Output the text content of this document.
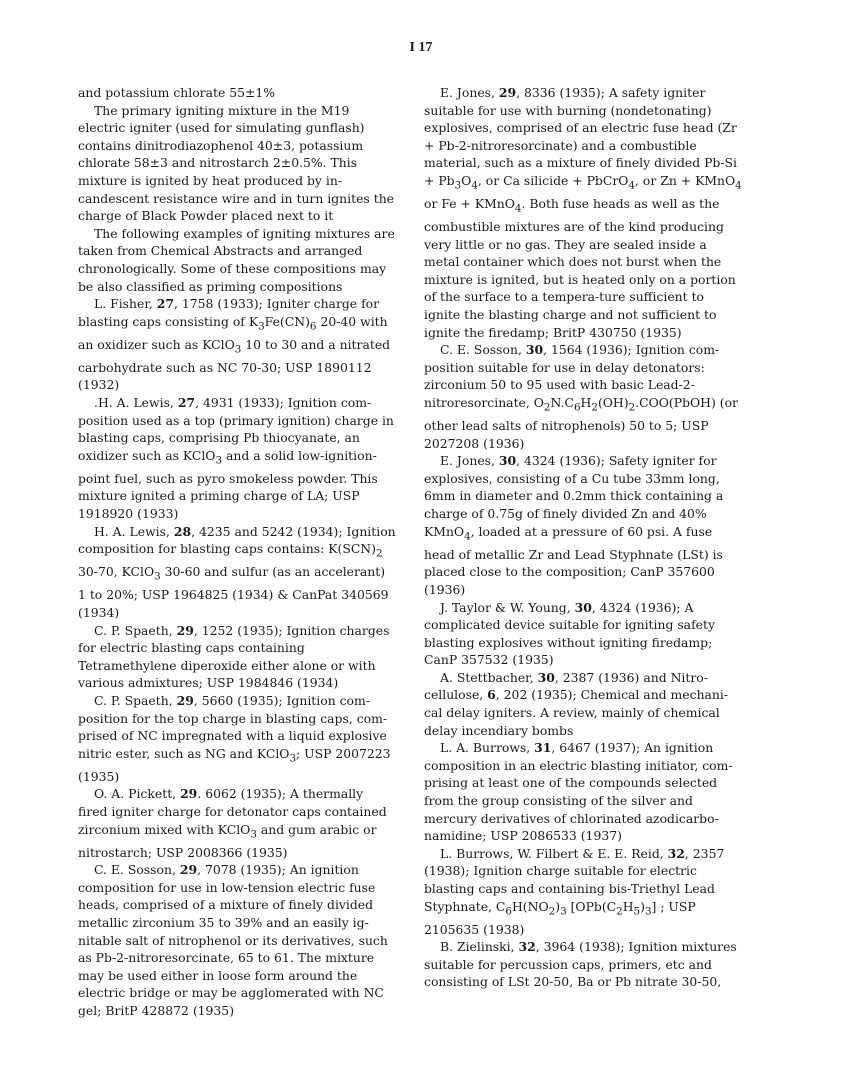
I 17

and potassium chlorate 55±1%

The primary igniting mixture in the M19 electric igniter (used for simulating gunflash) contains dinitrodiazophenol 40±3, potassium chlorate 58±3 and nitrostarch 2±0.5%. This mixture is ignited by heat produced by in-candescent resistance wire and in turn ignites the charge of Black Powder placed next to it

The following examples of igniting mixtures are taken from Chemical Abstracts and arranged chronologically. Some of these compositions may be also classified as priming compositions

L. Fisher, 27, 1758 (1933); Igniter charge for blasting caps consisting of $K_3Fe(CN)_6$ 20-40 with an oxidizer such as KClO$_3$ 10 to 30 and a nitrated carbohydrate such as NC 70-30; USP 1890112 (1932)

.H. A. Lewis, 27, 4931 (1933); Ignition com-position used as a top (primary ignition) charge in blasting caps, comprising Pb thiocyanate, an oxidizer such as KClO$_3$ and a solid low-ignition-point fuel, such as pyro smokeless powder. This mixture ignited a priming charge of LA; USP 1918920 (1933)

H. A. Lewis, 28, 4235 and 5242 (1934); Ignition composition for blasting caps contains: $K(SCN)_2$ 30-70, KClO$_3$ 30-60 and sulfur (as an accelerant) 1 to 20%; USP 1964825 (1934) & CanPat 340569 (1934)

C. P. Spaeth, 29, 1252 (1935); Ignition charges for electric blasting caps containing Tetramethylene diperoxide either alone or with various admixtures; USP 1984846 (1934)

C. P. Spaeth, 29, 5660 (1935); Ignition com-position for the top charge in blasting caps, com-prised of NC impregnated with a liquid explosive nitric ester, such as NG and KClO$_3$; USP 2007223 (1935)

O. A. Pickett, 29. 6062 (1935); A thermally fired igniter charge for detonator caps contained zirconium mixed with KClO$_3$ and gum arabic or nitrostarch; USP 2008366 (1935)

C. E. Sosson, 29, 7078 (1935); An ignition composition for use in low-tension electric fuse heads, comprised of a mixture of finely divided metallic zirconium 35 to 39% and an easily ig-nitable salt of nitrophenol or its derivatives, such as Pb-2-nitroresorcinate, 65 to 61. The mixture may be used either in loose form around the electric bridge or may be agglomerated with NC gel; BritP 428872 (1935)

E. Jones, 29, 8336 (1935); A safety igniter suitable for use with burning (nondetonating) explosives, comprised of an electric fuse head (Zr + Pb-2-nitroresorcinate) and a combustible material, such as a mixture of finely divided $Pb-Si + Pb_3O_4$, or Ca silicide + PbCrO$_4$, or Zn + KMnO$_4$ or Fe + KMnO$_4$. Both fuse heads as well as the combustible mixtures are of the kind producing very little or no gas. They are sealed inside a metal container which does not burst when the mixture is ignited, but is heated only on a portion of the surface to a tempera-ture sufficient to ignite the blasting charge and not sufficient to ignite the firedamp; BritP 430750 (1935)

C. E. Sosson, 30, 1564 (1936); Ignition com-position suitable for use in delay detonators: zirconium 50 to 95 used with basic Lead-2-nitroresorcinate, $O_2N.C_6H_2(OH)_2.COO(PbOH)$ (or other lead salts of nitrophenols) 50 to 5; USP 2027208 (1936)

E. Jones, 30, 4324 (1936); Safety igniter for explosives, consisting of a Cu tube 33mm long, 6mm in diameter and 0.2mm thick containing a charge of 0.75g of finely divided Zn and 40% KMnO$_4$, loaded at a pressure of 60 psi. A fuse head of metallic Zr and Lead Styphnate (LSt) is placed close to the composition; CanP 357600 (1936)

J. Taylor & W. Young, 30, 4324 (1936); A complicated device suitable for igniting safety blasting explosives without igniting firedamp; CanP 357532 (1935)

A. Stettbacher, 30, 2387 (1936) and Nitro-cellulose, 6, 202 (1935); Chemical and mechani-cal delay igniters. A review, mainly of chemical delay incendiary bombs

L. A. Burrows, 31, 6467 (1937); An ignition composition in an electric blasting initiator, com-prising at least one of the compounds selected from the group consisting of the silver and mercury derivatives of chlorinated azodicarbo-namidine; USP 2086533 (1937)

L. Burrows, W. Filbert & E. E. Reid, 32, 2357 (1938); Ignition charge suitable for electric blasting caps and containing bis-Triethyl Lead Styphnate, $C_6H(NO_2)_3$ $[OPb(C_2H_5)_3]$ ; USP 2105635 (1938)

B. Zielinski, 32, 3964 (1938); Ignition mixtures suitable for percussion caps, primers, etc and consisting of LSt 20-50, Ba or Pb nitrate 30-50,
